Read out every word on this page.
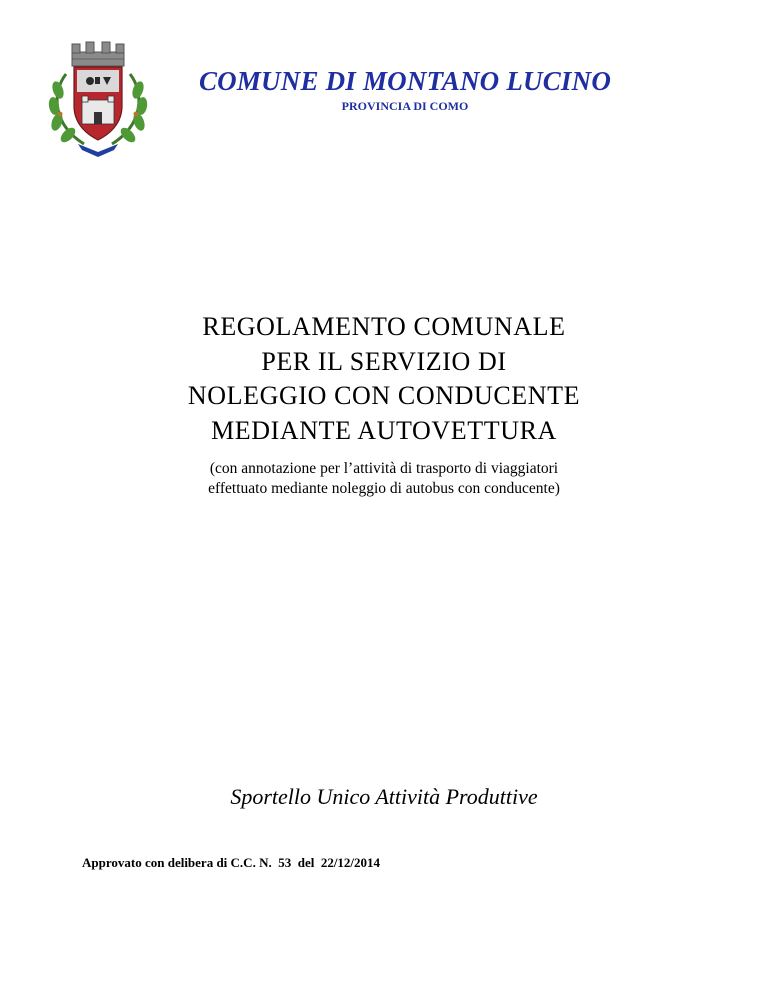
COMUNE DI MONTANO LUCINO
PROVINCIA DI COMO
REGOLAMENTO COMUNALE
PER IL SERVIZIO DI
NOLEGGIO CON CONDUCENTE
MEDIANTE AUTOVETTURA
(con annotazione per l’attività di trasporto di viaggiatori
effettuato mediante noleggio di autobus con conducente)
Sportello Unico Attività Produttive
Approvato con delibera di C.C. N.  53  del  22/12/2014
